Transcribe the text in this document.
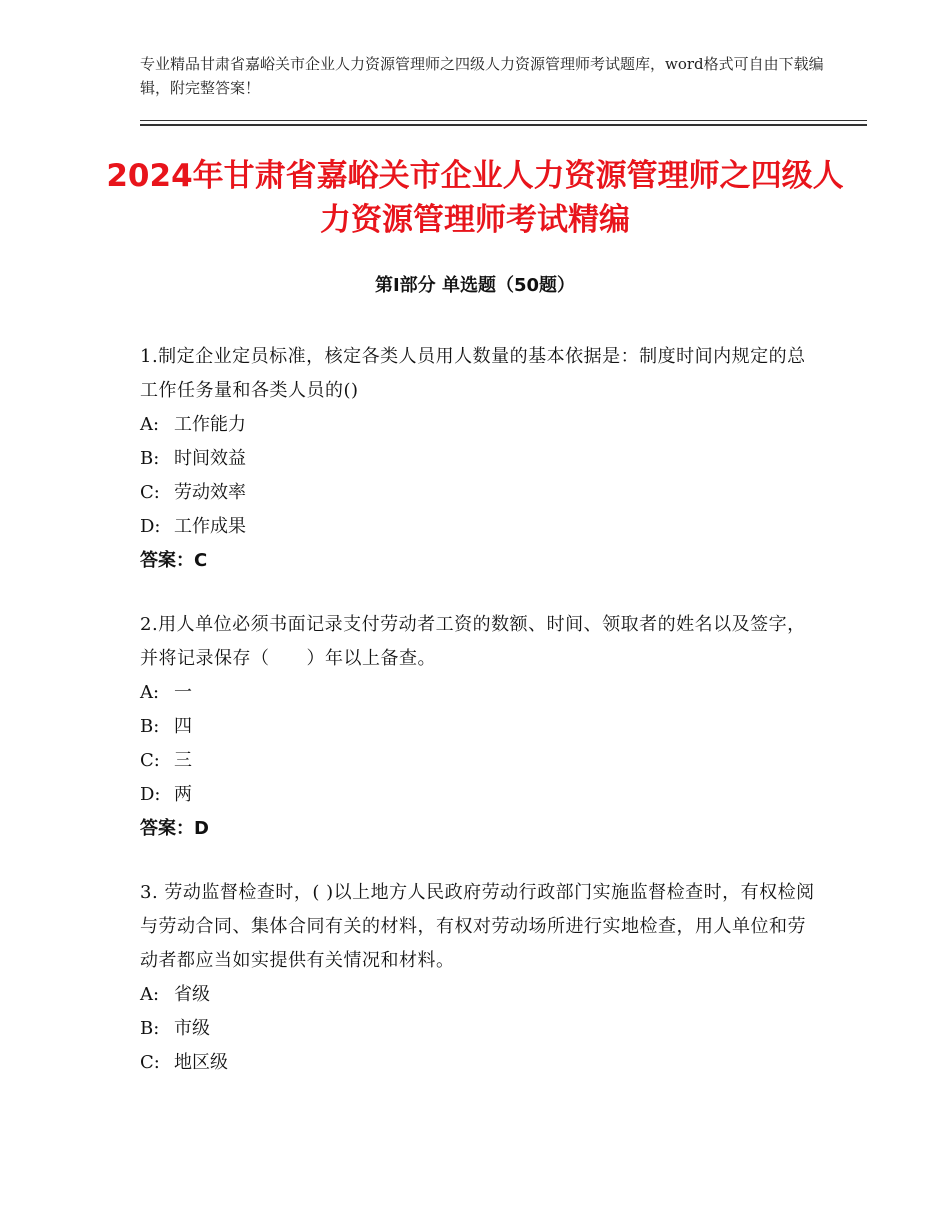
专业精品甘肃省嘉峪关市企业人力资源管理师之四级人力资源管理师考试题库，word格式可自由下载编辑，附完整答案！
2024年甘肃省嘉峪关市企业人力资源管理师之四级人力资源管理师考试精编
第Ⅰ部分 单选题（50题）

1.制定企业定员标准，核定各类人员用人数量的基本依据是：制度时间内规定的总工作任务量和各类人员的()

A: 工作能力
B: 时间效益
C: 劳动效率
D: 工作成果
答案：C

2.用人单位必须书面记录支付劳动者工资的数额、时间、领取者的姓名以及签字，并将记录保存（　　）年以上备查。

A: 一
B: 四
C: 三
D: 两
答案：D

3. 劳动监督检查时，( )以上地方人民政府劳动行政部门实施监督检查时，有权检阅与劳动合同、集体合同有关的材料，有权对劳动场所进行实地检查，用人单位和劳动者都应当如实提供有关情况和材料。

A: 省级
B: 市级
C: 地区级
